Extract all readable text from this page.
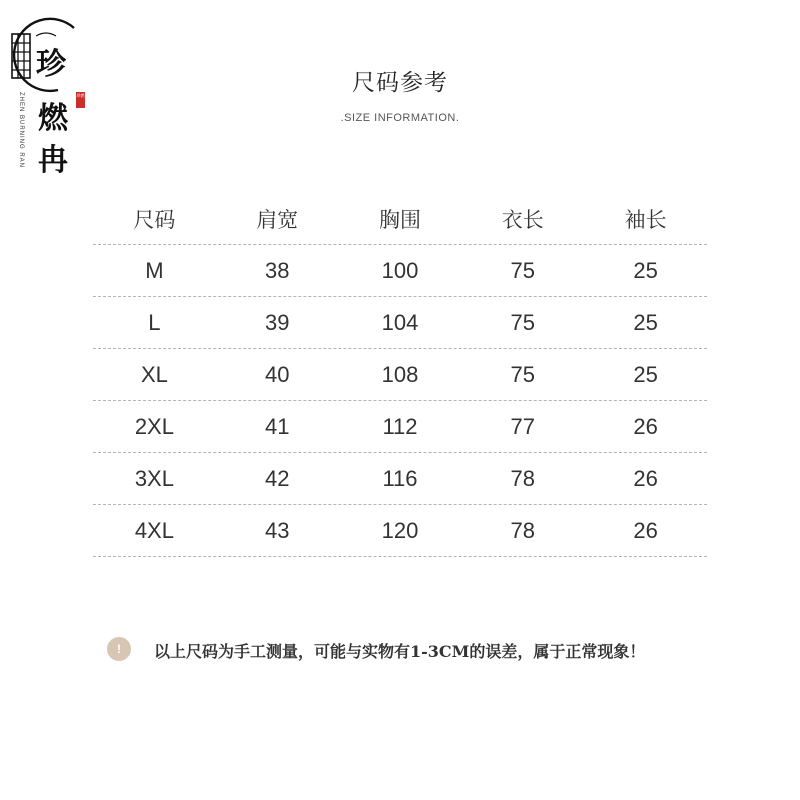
珍
燃
冉
ZHEN BURNING RAN	珍燃	尺码参考
.SIZE INFORMATION.
尺码	肩宽	胸围	衣长	袖长
M	38	100	75	25
L	39	104	75	25
XL	40	108	75	25
2XL	41	112	77	26
3XL	42	116	78	26
4XL	43	120	78	26
!	以上尺码为手工测量，可能与实物有1-3CM的误差，属于正常现象！
